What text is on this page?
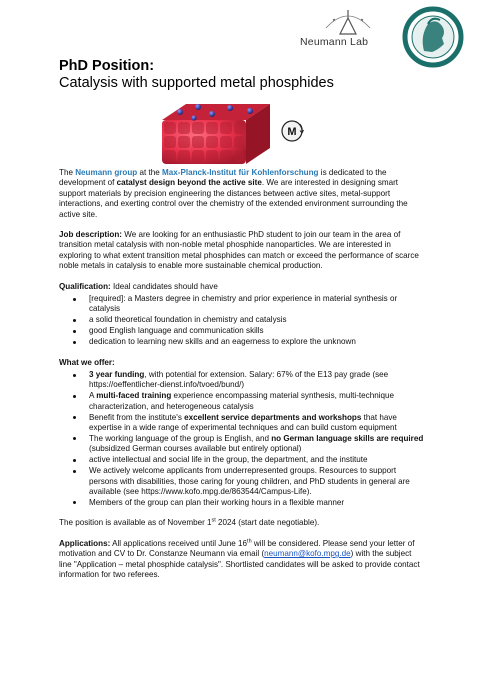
Neumann Lab
PhD Position:
Catalysis with supported metal phosphides
M

The Neumann group at the Max-Planck-Institut für Kohlenforschung is dedicated to the development of catalyst design beyond the active site. We are interested in designing smart support materials by precision engineering the distances between active sites, metal-support interactions, and exerting control over the chemistry of the extended environment surrounding the active site.

Job description: We are looking for an enthusiastic PhD student to join our team in the area of transition metal catalysis with non-noble metal phosphide nanoparticles. We are interested in exploring to what extent transition metal phosphides can match or exceed the performance of scarce noble metals in catalysis to enable more sustainable chemical production.

Qualification: Ideal candidates should have

[required]: a Masters degree in chemistry and prior experience in material synthesis or catalysis
a solid theoretical foundation in chemistry and catalysis
good English language and communication skills
dedication to learning new skills and an eagerness to explore the unknown

What we offer:

3 year funding, with potential for extension. Salary: 67% of the E13 pay grade (see https://oeffentlicher-dienst.info/tvoed/bund/)
A multi-faced training experience encompassing material synthesis, multi-technique characterization, and heterogeneous catalysis
Benefit from the institute's excellent service departments and workshops that have expertise in a wide range of experimental techniques and can build custom equipment
The working language of the group is English, and no German language skills are required (subsidized German courses available but entirely optional)
active intellectual and social life in the group, the department, and the institute
We actively welcome applicants from underrepresented groups. Resources to support persons with disabilities, those caring for young children, and PhD students in general are available (see https://www.kofo.mpg.de/863544/Campus-Life).
Members of the group can plan their working hours in a flexible manner

The position is available as of November 1st 2024 (start date negotiable).

Applications: All applications received until June 16th will be considered. Please send your letter of motivation and CV to Dr. Constanze Neumann via email (neumann@kofo.mpg.de) with the subject line "Application – metal phosphide catalysis". Shortlisted candidates will be asked to provide contact information for two referees.
